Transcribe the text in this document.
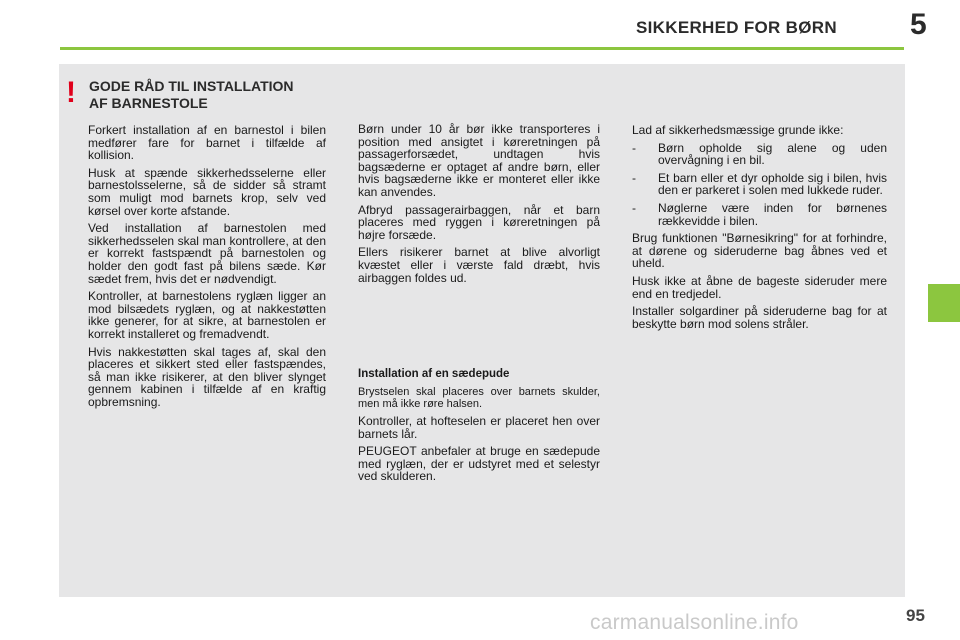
SIKKERHED FOR BØRN 5
! GODE RÅD TIL INSTALLATION
AF BARNESTOLE

Forkert installation af en barnestol i bilen medfører fare for barnet i tilfælde af kollision.

Husk at spænde sikkerhedsselerne eller barnestolsselerne, så de sidder så stramt som muligt mod barnets krop, selv ved kørsel over korte afstande.

Ved installation af barnestolen med sikkerhedsselen skal man kontrollere, at den er korrekt fastspændt på barnestolen og holder den godt fast på bilens sæde. Kør sædet frem, hvis det er nødvendigt.

Kontroller, at barnestolens ryglæn ligger an mod bilsædets ryglæn, og at nakkestøtten ikke generer, for at sikre, at barnestolen er korrekt installeret og fremadvendt.

Hvis nakkestøtten skal tages af, skal den placeres et sikkert sted eller fastspændes, så man ikke risikerer, at den bliver slynget gennem kabinen i tilfælde af en kraftig opbremsning.

Børn under 10 år bør ikke transporteres i position med ansigtet i køreretningen på passagerforsædet, undtagen hvis bagsæderne er optaget af andre børn, eller hvis bagsæderne ikke er monteret eller ikke kan anvendes.

Afbryd passagerairbaggen, når et barn placeres med ryggen i køreretningen på højre forsæde.

Ellers risikerer barnet at blive alvorligt kvæstet eller i værste fald dræbt, hvis airbaggen foldes ud.

Installation af en sædepude

Brystselen skal placeres over barnets skulder, men må ikke røre halsen.

Kontroller, at hofteselen er placeret hen over barnets lår.

PEUGEOT anbefaler at bruge en sædepude med ryglæn, der er udstyret med et selestyr ved skulderen.

Lad af sikkerhedsmæssige grunde ikke:

-	Børn opholde sig alene og uden overvågning i en bil.
-	Et barn eller et dyr opholde sig i bilen, hvis den er parkeret i solen med lukkede ruder.
-	Nøglerne være inden for børnenes rækkevidde i bilen.

Brug funktionen "Børnesikring" for at forhindre, at dørene og sideruderne bag åbnes ved et uheld.

Husk ikke at åbne de bageste sideruder mere end en tredjedel.

Installer solgardiner på sideruderne bag for at beskytte børn mod solens stråler.

carmanualsonline.info	95
